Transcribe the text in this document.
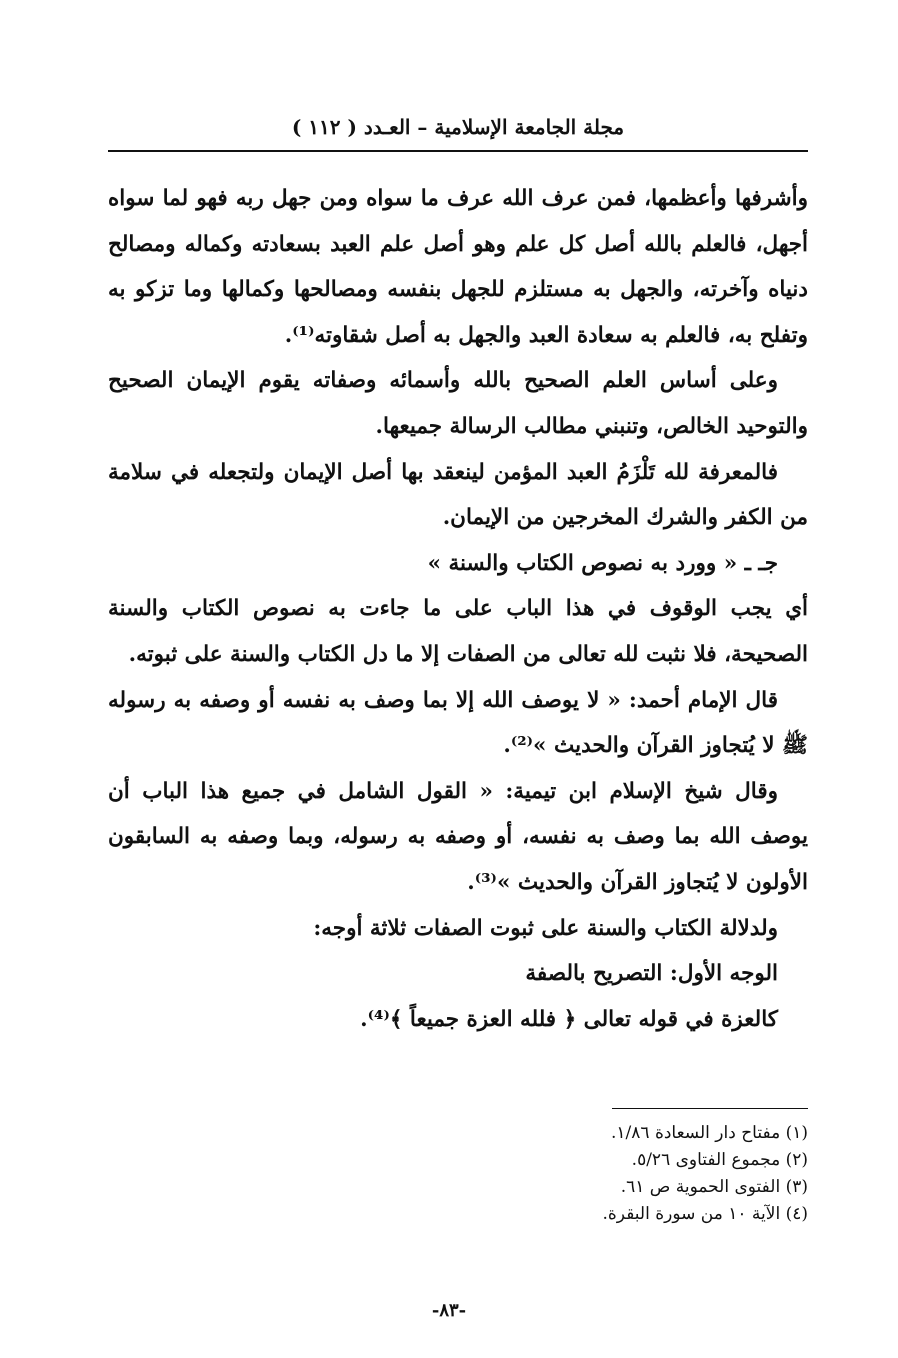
مجلة الجامعة الإسلامية – العـدد ( ١١٢ )

وأشرفها وأعظمها، فمن عرف الله عرف ما سواه ومن جهل ربه فهو لما سواه أجهل، فالعلم بالله أصل كل علم وهو أصل علم العبد بسعادته وكماله ومصالح دنياه وآخرته، والجهل به مستلزم للجهل بنفسه ومصالحها وكمالها وما تزكو به وتفلح به، فالعلم به سعادة العبد والجهل به أصل شقاوته⁽¹⁾.

وعلى أساس العلم الصحيح بالله وأسمائه وصفاته يقوم الإيمان الصحيح والتوحيد الخالص، وتنبني مطالب الرسالة جميعها.

فالمعرفة لله تَلْزَمُ العبد المؤمن لينعقد بها أصل الإيمان ولتجعله في سلامة من الكفر والشرك المخرجين من الإيمان.

جـ ـ « وورد به نصوص الكتاب والسنة »

أي يجب الوقوف في هذا الباب على ما جاءت به نصوص الكتاب والسنة الصحيحة، فلا نثبت لله تعالى من الصفات إلا ما دل الكتاب والسنة على ثبوته.

قال الإمام أحمد: « لا يوصف الله إلا بما وصف به نفسه أو وصفه به رسوله ﷺ لا يُتجاوز القرآن والحديث »⁽²⁾.

وقال شيخ الإسلام ابن تيمية: « القول الشامل في جميع هذا الباب أن يوصف الله بما وصف به نفسه، أو وصفه به رسوله، وبما وصفه به السابقون الأولون لا يُتجاوز القرآن والحديث »⁽³⁾.

ولدلالة الكتاب والسنة على ثبوت الصفات ثلاثة أوجه:

الوجه الأول: التصريح بالصفة

كالعزة في قوله تعالى ﴿ فلله العزة جميعاً ﴾⁽⁴⁾.

(١) مفتاح دار السعادة ١/٨٦.
(٢) مجموع الفتاوى ٥/٢٦.
(٣) الفتوى الحموية ص ٦١.
(٤) الآية ١٠ من سورة البقرة.
-٨٣-
